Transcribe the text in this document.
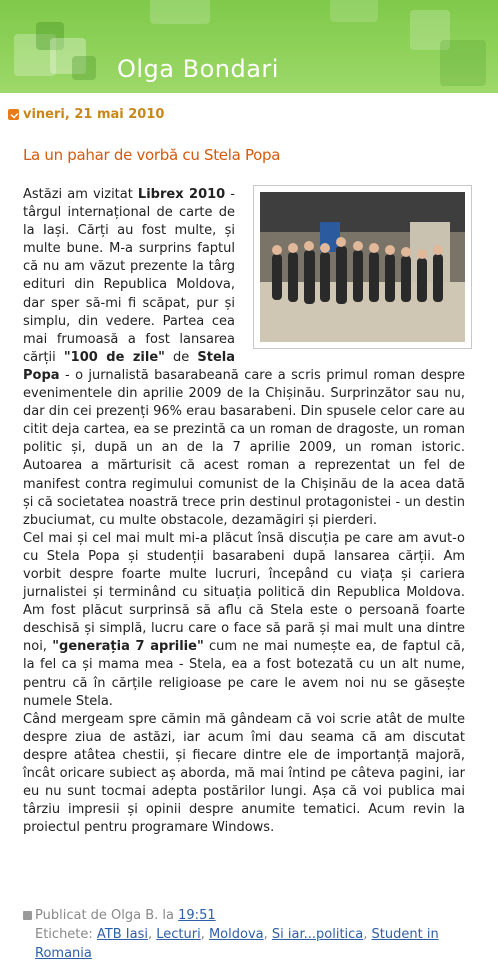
Olga Bondari
vineri, 21 mai 2010
La un pahar de vorbă cu Stela Popa

Astăzi am vizitat Librex 2010 - târgul internațional de carte de la Iași. Cărți au fost multe, și multe bune. M-a surprins faptul că nu am văzut prezente la târg edituri din Republica Moldova, dar sper să-mi fi scăpat, pur și simplu, din vedere. Partea cea mai frumoasă a fost lansarea cărții "100 de zile" de Stela Popa - o jurnalistă basarabeană care a scris primul roman despre evenimentele din aprilie 2009 de la Chișinău. Surprinzător sau nu, dar din cei prezenți 96% erau basarabeni. Din spusele celor care au citit deja cartea, ea se prezintă ca un roman de dragoste, un roman politic și, după un an de la 7 aprilie 2009, un roman istoric. Autoarea a mărturisit că acest roman a reprezentat un fel de manifest contra regimului comunist de la Chișinău de la acea dată și că societatea noastră trece prin destinul protagonistei - un destin zbuciumat, cu multe obstacole, dezamăgiri și pierderi.

Cel mai și cel mai mult mi-a plăcut însă discuția pe care am avut-o cu Stela Popa și studenții basarabeni după lansarea cărții. Am vorbit despre foarte multe lucruri, începând cu viața și cariera jurnalistei și terminând cu situația politică din Republica Moldova. Am fost plăcut surprinsă să aflu că Stela este o persoană foarte deschisă și simplă, lucru care o face să pară și mai mult una dintre noi, "generația 7 aprilie" cum ne mai numește ea, de faptul că, la fel ca și mama mea - Stela, ea a fost botezată cu un alt nume, pentru că în cărțile religioase pe care le avem noi nu se găsește numele Stela.

Când mergeam spre cămin mă gândeam că voi scrie atât de multe despre ziua de astăzi, iar acum îmi dau seama că am discutat despre atâtea chestii, și fiecare dintre ele de importanță majoră, încât oricare subiect aș aborda, mă mai întind pe câteva pagini, iar eu nu sunt tocmai adepta postărilor lungi. Așa că voi publica mai târziu impresii și opinii despre anumite tematici. Acum revin la proiectul pentru programare Windows.

Publicat de Olga B. la 19:51
Etichete: ATB Iasi, Lecturi, Moldova, Si iar...politica, Student in Romania
